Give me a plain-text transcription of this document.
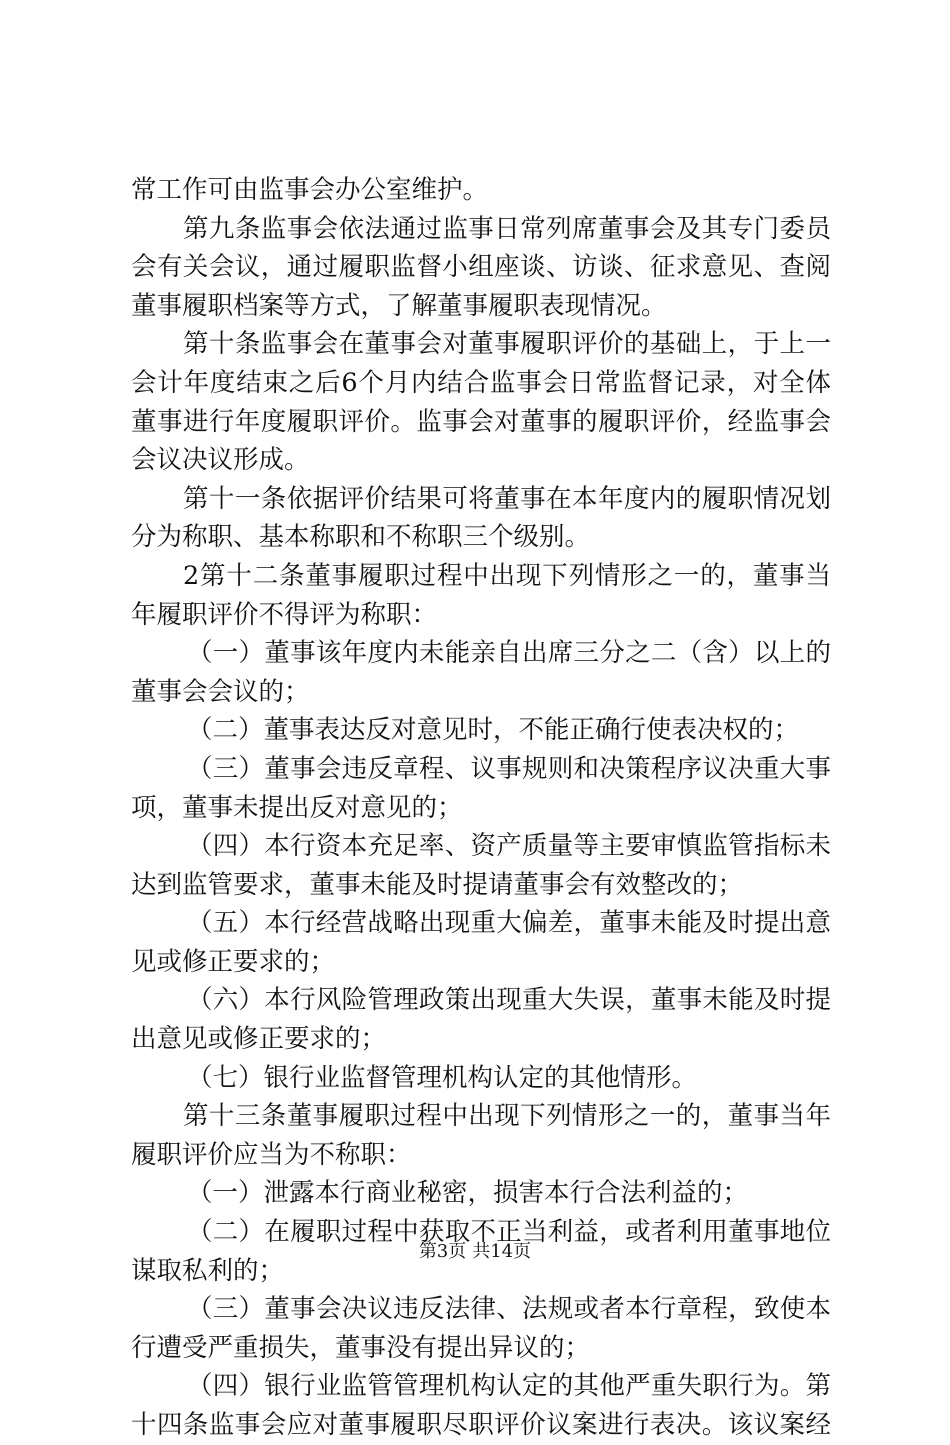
常工作可由监事会办公室维护。
第九条监事会依法通过监事日常列席董事会及其专门委员
会有关会议，通过履职监督小组座谈、访谈、征求意见、查阅
董事履职档案等方式，了解董事履职表现情况。
第十条监事会在董事会对董事履职评价的基础上，于上一
会计年度结束之后6个月内结合监事会日常监督记录，对全体
董事进行年度履职评价。监事会对董事的履职评价，经监事会
会议决议形成。
第十一条依据评价结果可将董事在本年度内的履职情况划
分为称职、基本称职和不称职三个级别。
2第十二条董事履职过程中出现下列情形之一的，董事当
年履职评价不得评为称职：
（一）董事该年度内未能亲自出席三分之二（含）以上的
董事会会议的；
（二）董事表达反对意见时，不能正确行使表决权的；
（三）董事会违反章程、议事规则和决策程序议决重大事
项，董事未提出反对意见的；
（四）本行资本充足率、资产质量等主要审慎监管指标未
达到监管要求，董事未能及时提请董事会有效整改的；
（五）本行经营战略出现重大偏差，董事未能及时提出意
见或修正要求的；
（六）本行风险管理政策出现重大失误，董事未能及时提
出意见或修正要求的；
（七）银行业监督管理机构认定的其他情形。
第十三条董事履职过程中出现下列情形之一的，董事当年
履职评价应当为不称职：
（一）泄露本行商业秘密，损害本行合法利益的；
（二）在履职过程中获取不正当利益，或者利用董事地位
谋取私利的；
（三）董事会决议违反法律、法规或者本行章程，致使本
行遭受严重损失，董事没有提出异议的；
（四）银行业监管管理机构认定的其他严重失职行为。第
十四条监事会应对董事履职尽职评价议案进行表决。该议案经
第3页 共14页
